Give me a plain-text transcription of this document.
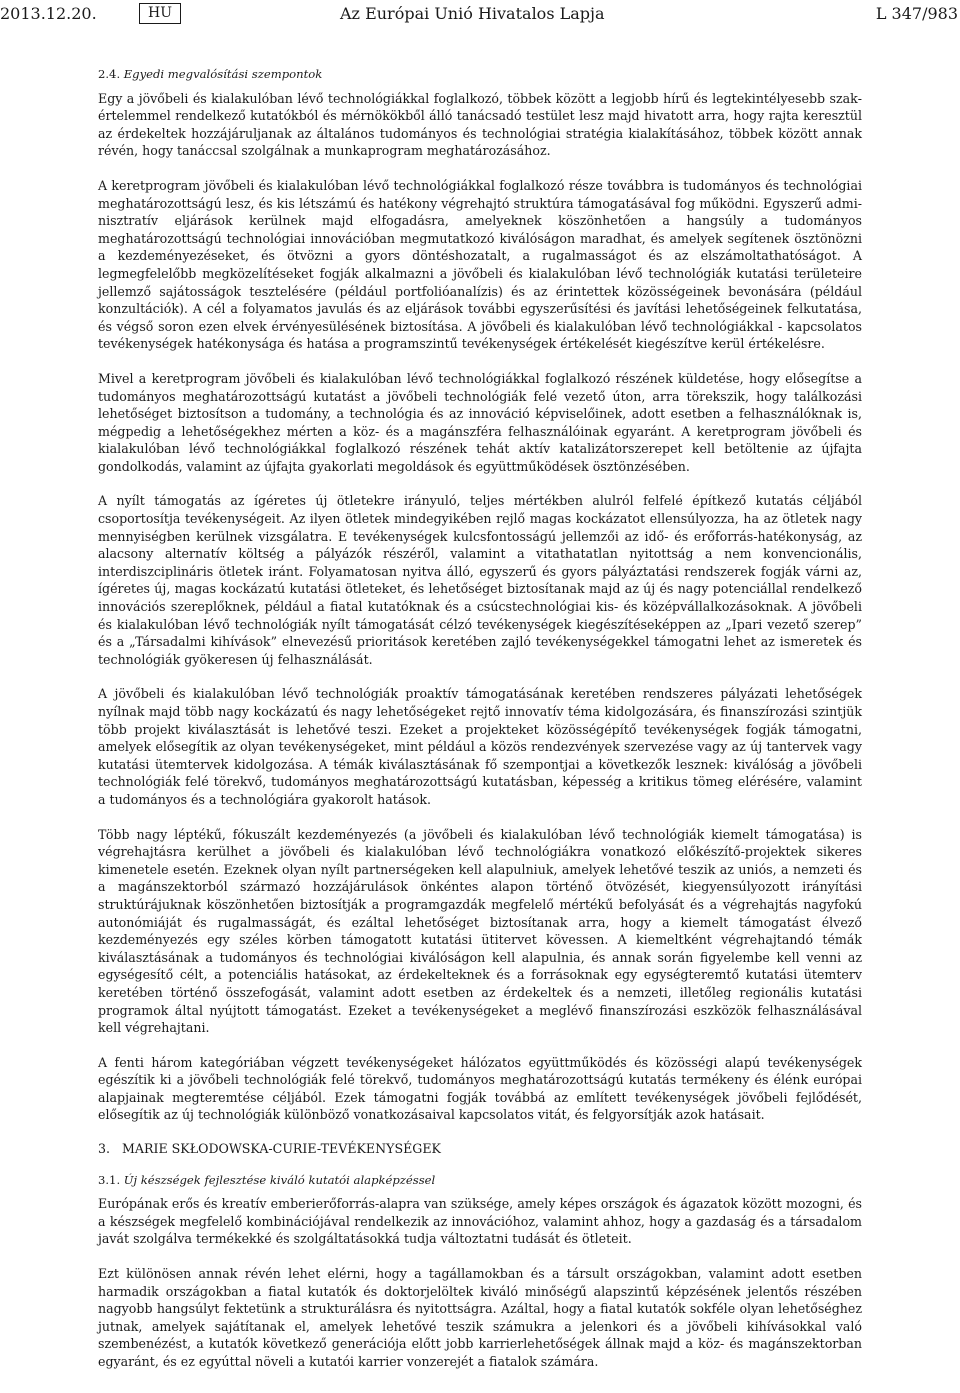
2013.12.20.	HU	Az Európai Unió Hivatalos Lapja	L 347/983
2.4. Egyedi megvalósítási szempontok

Egy a jövőbeli és kialakulóban lévő technológiákkal foglalkozó, többek között a legjobb hírű és legtekintélyesebb szakértelemmel rendelkező kutatókból és mérnökökből álló tanácsadó testület lesz majd hivatott arra, hogy rajta keresztül az érdekeltek hozzájáruljanak az általános tudományos és technológiai stratégia kialakításához, többek között annak révén, hogy tanáccsal szolgálnak a munkaprogram meghatározásához.

A keretprogram jövőbeli és kialakulóban lévő technológiákkal foglalkozó része továbbra is tudományos és technológiai meghatározottságú lesz, és kis létszámú és hatékony végrehajtó struktúra támogatásával fog működni. Egyszerű adminisztratív eljárások kerülnek majd elfogadásra, amelyeknek köszönhetően a hangsúly a tudományos meghatározottságú technológiai innovációban megmutatkozó kiválóságon maradhat, és amelyek segítenek ösztönözni a kezdeményezéseket, és ötvözni a gyors döntéshozatalt, a rugalmasságot és az elszámoltathatóságot. A legmegfelelőbb megközelítéseket fogják alkalmazni a jövőbeli és kialakulóban lévő technológiák kutatási területeire jellemző sajátosságok tesztelésére (például portfolióanalízis) és az érintettek közösségeinek bevonására (például konzultációk). A cél a folyamatos javulás és az eljárások további egyszerűsítési és javítási lehetőségeinek felkutatása, és végső soron ezen elvek érvényesülésének biztosítása. A jövőbeli és kialakulóban lévő technológiákkal - kapcsolatos tevékenységek hatékonysága és hatása a programszintű tevékenységek értékelését kiegészítve kerül értékelésre.

Mivel a keretprogram jövőbeli és kialakulóban lévő technológiákkal foglalkozó részének küldetése, hogy elősegítse a tudományos meghatározottságú kutatást a jövőbeli technológiák felé vezető úton, arra törekszik, hogy találkozási lehetőséget biztosítson a tudomány, a technológia és az innováció képviselőinek, adott esetben a felhasználóknak is, mégpedig a lehetőségekhez mérten a köz- és a magánszféra felhasználóinak egyaránt. A keretprogram jövőbeli és kialakulóban lévő technológiákkal foglalkozó részének tehát aktív katalizátorszerepet kell betöltenie az újfajta gondolkodás, valamint az újfajta gyakorlati megoldások és együttműködések ösztönzésében.

A nyílt támogatás az ígéretes új ötletekre irányuló, teljes mértékben alulról felfelé építkező kutatás céljából csoportosítja tevékenységeit. Az ilyen ötletek mindegyikében rejlő magas kockázatot ellensúlyozza, ha az ötletek nagy mennyiségben kerülnek vizsgálatra. E tevékenységek kulcsfontosságú jellemzői az idő- és erőforrás-hatékonyság, az alacsony alternatív költség a pályázók részéről, valamint a vitathatatlan nyitottság a nem konvencionális, interdiszciplináris ötletek iránt. Folyamatosan nyitva álló, egyszerű és gyors pályáztatási rendszerek fogják várni az, ígéretes új, magas kockázatú kutatási ötleteket, és lehetőséget biztosítanak majd az új és nagy potenciállal rendelkező innovációs szereplőknek, például a fiatal kutatóknak és a csúcstechnológiai kis- és középvállalkozásoknak. A jövőbeli és kialakulóban lévő technológiák nyílt támogatását célzó tevékenységek kiegészítéseképpen az „Ipari vezető szerep” és a „Társadalmi kihívások” elnevezésű prioritások keretében zajló tevékenységekkel támogatni lehet az ismeretek és technológiák gyökeresen új felhasználását.

A jövőbeli és kialakulóban lévő technológiák proaktív támogatásának keretében rendszeres pályázati lehetőségek nyílnak majd több nagy kockázatú és nagy lehetőségeket rejtő innovatív téma kidolgozására, és finanszírozási szintjük több projekt kiválasztását is lehetővé teszi. Ezeket a projekteket közösségépítő tevékenységek fogják támogatni, amelyek elősegítik az olyan tevékenységeket, mint például a közös rendezvények szervezése vagy az új tantervek vagy kutatási ütemtervek kidolgozása. A témák kiválasztásának fő szempontjai a következők lesznek: kiválóság a jövőbeli technológiák felé törekvő, tudományos meghatározottságú kutatásban, képesség a kritikus tömeg elérésére, valamint a tudományos és a technológiára gyakorolt hatások.

Több nagy léptékű, fókuszált kezdeményezés (a jövőbeli és kialakulóban lévő technológiák kiemelt támogatása) is végrehajtásra kerülhet a jövőbeli és kialakulóban lévő technológiákra vonatkozó előkészítő-projektek sikeres kimenetele esetén. Ezeknek olyan nyílt partnerségeken kell alapulniuk, amelyek lehetővé teszik az uniós, a nemzeti és a magánszektorból származó hozzájárulások önkéntes alapon történő ötvözését, kiegyensúlyozott irányítási struktúrájuknak köszönhetően biztosítják a programgazdák megfelelő mértékű befolyását és a végrehajtás nagyfokú autonómiáját és rugalmasságát, és ezáltal lehetőséget biztosítanak arra, hogy a kiemelt támogatást élvező kezdeményezés egy széles körben támogatott kutatási ütitervet kövessen. A kiemeltként végrehajtandó témák kiválasztásának a tudományos és technológiai kiválóságon kell alapulnia, és annak során figyelembe kell venni az egységesítő célt, a potenciális hatásokat, az érdekelteknek és a forrásoknak egy egységteremtő kutatási ütemterv keretében történő összefogását, valamint adott esetben az érdekeltek és a nemzeti, illetőleg regionális kutatási programok által nyújtott támogatást. Ezeket a tevékenységeket a meglévő finanszírozási eszközök felhasználásával kell végrehajtani.

A fenti három kategóriában végzett tevékenységeket hálózatos együttműködés és közösségi alapú tevékenységek egészítik ki a jövőbeli technológiák felé törekvő, tudományos meghatározottságú kutatás termékeny és élénk európai alapjainak megteremtése céljából. Ezek támogatni fogják továbbá az említett tevékenységek jövőbeli fejlődését, elősegítik az új technológiák különböző vonatkozásaival kapcsolatos vitát, és felgyorsítják azok hatásait.

3. MARIE SKŁODOWSKA-CURIE-TEVÉKENYSÉGEK
3.1. Új készségek fejlesztése kiváló kutatói alapképzéssel

Európának erős és kreatív emberierőforrás-alapra van szüksége, amely képes országok és ágazatok között mozogni, és a készségek megfelelő kombinációjával rendelkezik az innovációhoz, valamint ahhoz, hogy a gazdaság és a társadalom javát szolgálva termékekké és szolgáltatásokká tudja változtatni tudását és ötleteit.

Ezt különösen annak révén lehet elérni, hogy a tagállamokban és a társult országokban, valamint adott esetben harmadik országokban a fiatal kutatók és doktorjelöltek kiváló minőségű alapszintű képzésének jelentős részében nagyobb hangsúlyt fektetünk a strukturálásra és nyitottságra. Azáltal, hogy a fiatal kutatók sokféle olyan lehetőséghez jutnak, amelyek sajátítanak el, amelyek lehetővé teszik számukra a jelenkori és a jövőbeli kihívásokkal való szembenézést, a kutatók következő generációja előtt jobb karrierlehetőségek állnak majd a köz- és magánszektorban egyaránt, és ez egyúttal növeli a kutatói karrier vonzerejét a fiatalok számára.
